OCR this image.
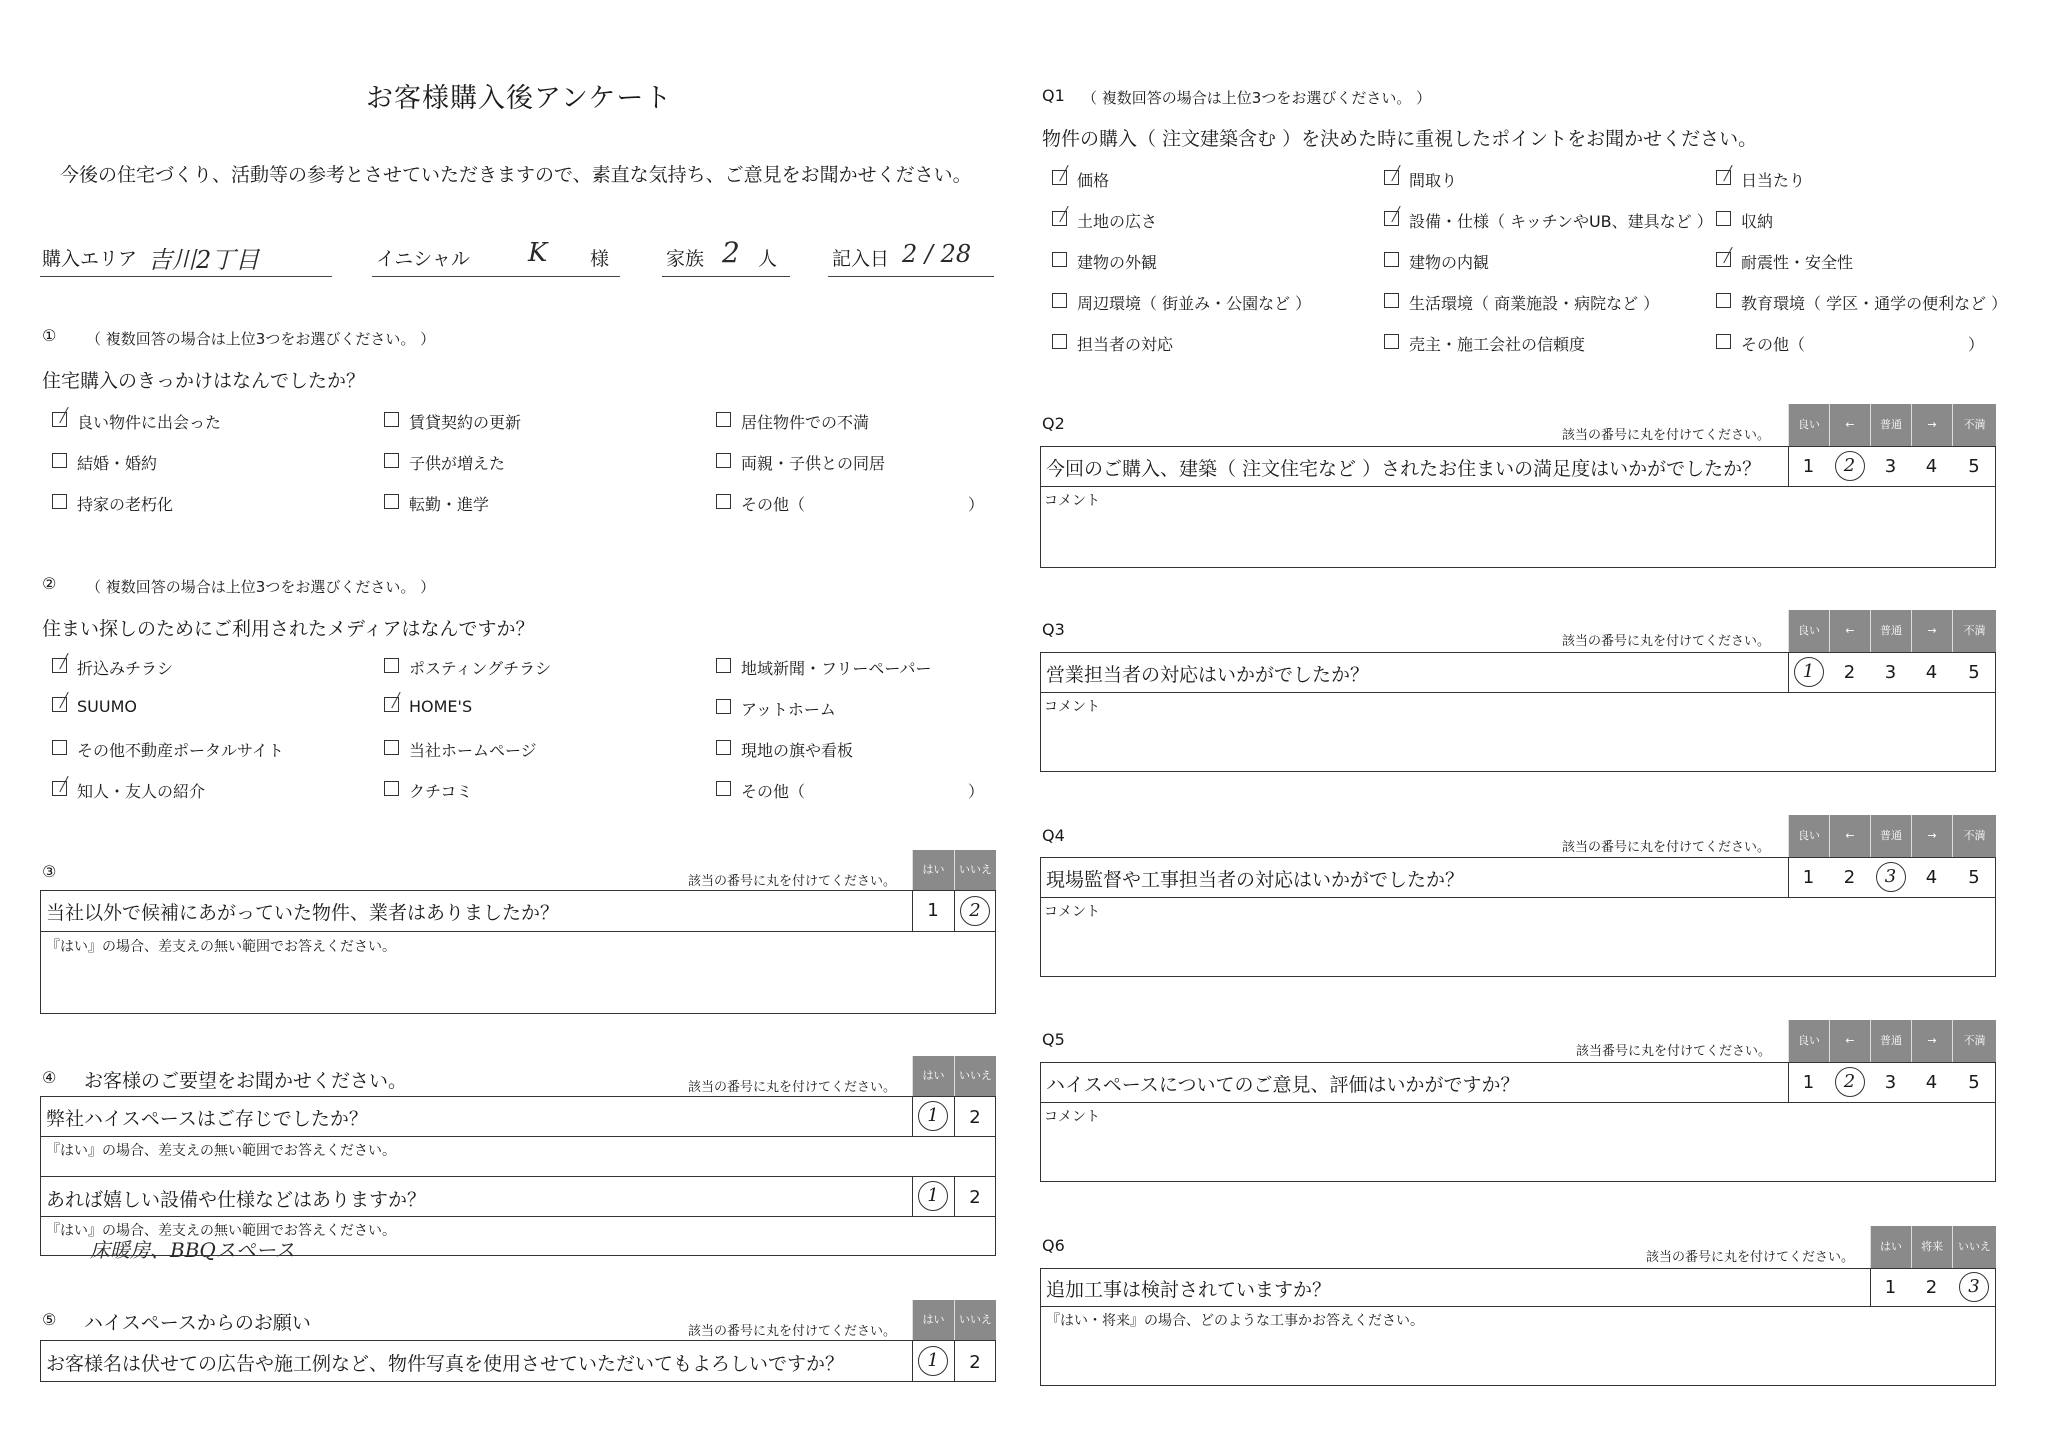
お客様購入後アンケート
今後の住宅づくり、活動等の参考とさせていただきますので、素直な気持ち、ご意見をお聞かせください。
購入エリア 吉川2丁目	イニシャル K 様	家族 2 人	記入日 2 / 28
① （ 複数回答の場合は上位3つをお選びください。 ）
住宅購入のきっかけはなんでしたか？
良い物件に出会った	賃貸契約の更新	居住物件での不満
結婚・婚約	子供が増えた	両親・子供との同居
持家の老朽化	転勤・進学	その他（	）
② （ 複数回答の場合は上位3つをお選びください。 ）
住まい探しのためにご利用されたメディアはなんですか？
折込みチラシ	ポスティングチラシ	地域新聞・フリーペーパー
SUUMO	HOME'S	アットホーム
その他不動産ポータルサイト	当社ホームページ	現地の旗や看板
知人・友人の紹介	クチコミ	その他（	）
③
該当の番号に丸を付けてください。
はい	いいえ
当社以外で候補にあがっていた物件、業者はありましたか？	1	2
『はい』の場合、差支えの無い範囲でお答えください。
④ お客様のご要望をお聞かせください。	該当の番号に丸を付けてください。
はい	いいえ
弊社ハイスペースはご存じでしたか？	1	2
『はい』の場合、差支えの無い範囲でお答えください。
あれば嬉しい設備や仕様などはありますか？	1	2
『はい』の場合、差支えの無い範囲でお答えください。
床暖房、BBQスペース
⑤ ハイスペースからのお願い	該当の番号に丸を付けてください。
はい	いいえ
お客様名は伏せての広告や施工例など、物件写真を使用させていただいてもよろしいですか？	1	2
Q1 （ 複数回答の場合は上位3つをお選びください。 ）
物件の購入（ 注文建築含む ）を決めた時に重視したポイントをお聞かせください。
価格	間取り	日当たり
土地の広さ	設備・仕様（ キッチンやUB、建具など ） 収納
建物の外観	建物の内観	耐震性・安全性
周辺環境（ 街並み・公園など ）	生活環境（ 商業施設・病院など ）	教育環境（ 学区・通学の便利など ）
担当者の対応	売主・施工会社の信頼度	その他（	）
Q2
該当の番号に丸を付けてください。
良い	←	普通	→	不満
今回のご購入、建築（ 注文住宅など ）されたお住まいの満足度はいかがでしたか？	1	2	3	4	5
コメント
Q3
該当の番号に丸を付けてください。
良い	←	普通	→	不満
営業担当者の対応はいかがでしたか？	1	2	3	4	5
コメント
Q4
該当の番号に丸を付けてください。
良い	←	普通	→	不満
現場監督や工事担当者の対応はいかがでしたか？	1	2	3	4	5
コメント
Q5
該当番号に丸を付けてください。
良い	←	普通	→	不満
ハイスペースについてのご意見、評価はいかがですか？	1	2	3	4	5
コメント
Q6
該当の番号に丸を付けてください。
はい	将来	いいえ
追加工事は検討されていますか？	1	2	3
『はい・将来』の場合、どのような工事かお答えください。
